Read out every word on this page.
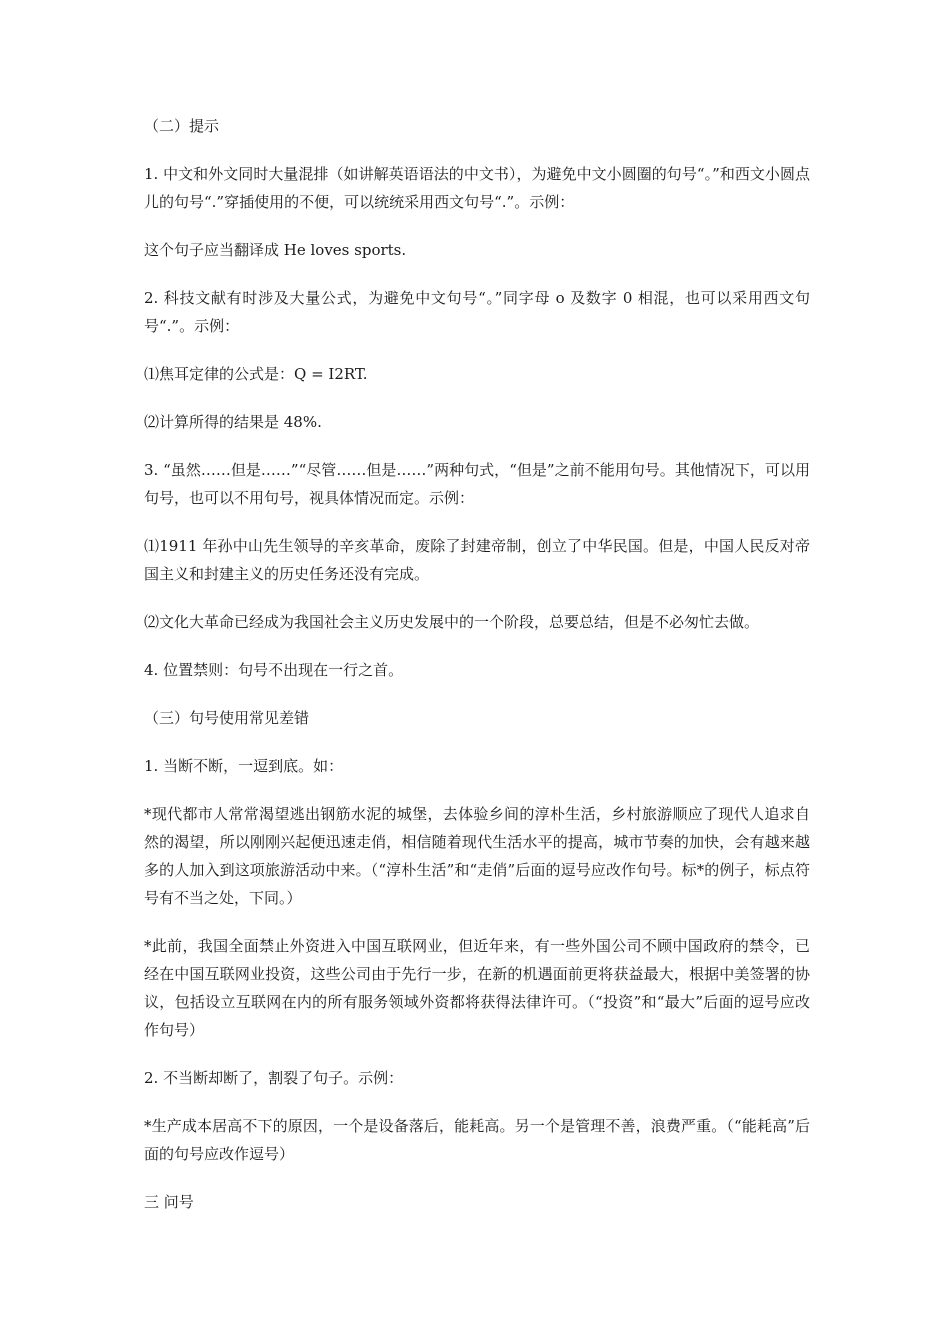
（二）提示

1. 中文和外文同时大量混排（如讲解英语语法的中文书），为避免中文小圆圈的句号“。”和西文小圆点儿的句号“.”穿插使用的不便，可以统统采用西文句号“.”。示例：

这个句子应当翻译成 He loves sports.

2. 科技文献有时涉及大量公式，为避免中文句号“。”同字母 o 及数字 0 相混，也可以采用西文句号“.”。示例：

⑴焦耳定律的公式是：Q = I2RT.

⑵计算所得的结果是 48%.

3. “虽然……但是……”“尽管……但是……”两种句式，“但是”之前不能用句号。其他情况下，可以用句号，也可以不用句号，视具体情况而定。示例：

⑴1911 年孙中山先生领导的辛亥革命，废除了封建帝制，创立了中华民国。但是，中国人民反对帝国主义和封建主义的历史任务还没有完成。

⑵文化大革命已经成为我国社会主义历史发展中的一个阶段，总要总结，但是不必匆忙去做。

4. 位置禁则：句号不出现在一行之首。

（三）句号使用常见差错

1. 当断不断，一逗到底。如：

*现代都市人常常渴望逃出钢筋水泥的城堡，去体验乡间的淳朴生活，乡村旅游顺应了现代人追求自然的渴望，所以刚刚兴起便迅速走俏，相信随着现代生活水平的提高，城市节奏的加快，会有越来越多的人加入到这项旅游活动中来。（“淳朴生活”和“走俏”后面的逗号应改作句号。标*的例子，标点符号有不当之处，下同。）

*此前，我国全面禁止外资进入中国互联网业，但近年来，有一些外国公司不顾中国政府的禁令，已经在中国互联网业投资，这些公司由于先行一步，在新的机遇面前更将获益最大，根据中美签署的协议，包括设立互联网在内的所有服务领域外资都将获得法律许可。（“投资”和“最大”后面的逗号应改作句号）

2. 不当断却断了，割裂了句子。示例：

*生产成本居高不下的原因，一个是设备落后，能耗高。另一个是管理不善，浪费严重。（“能耗高”后面的句号应改作逗号）

三 问号
